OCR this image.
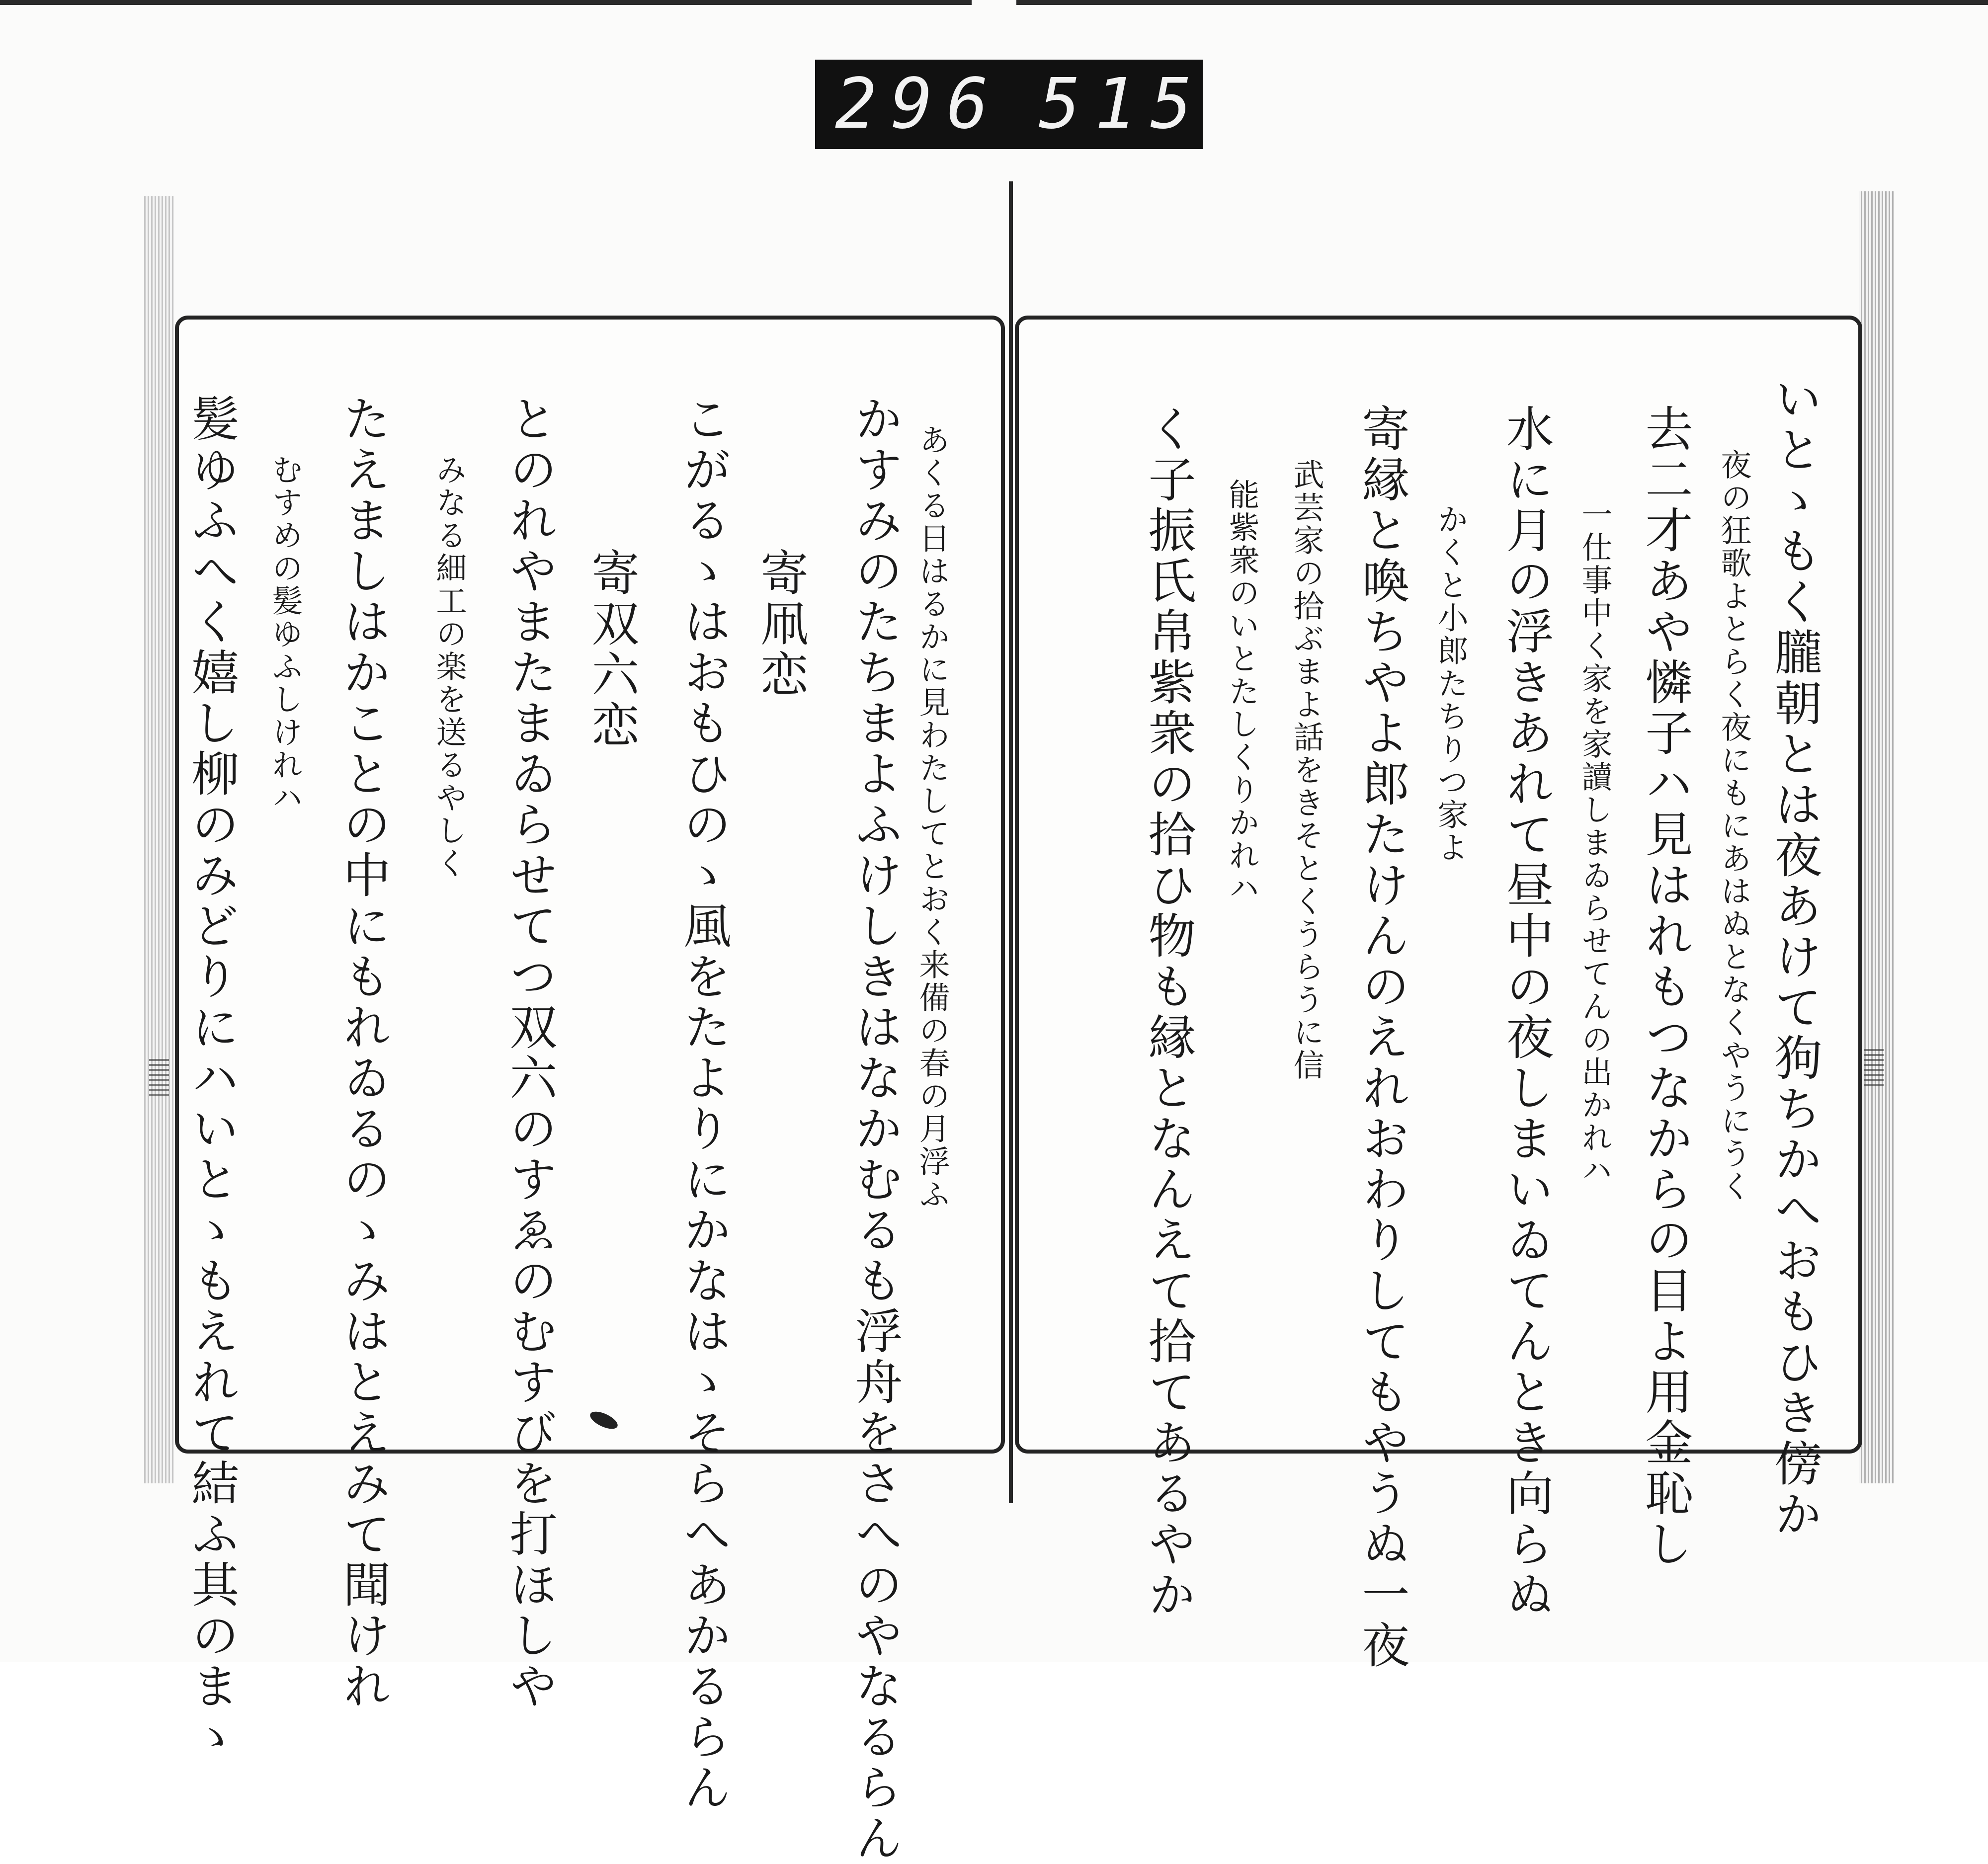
296 515
あくる日はるかに見わたしてとおく来備の春の月浮ふ
かすみのたちまよふけしきはなかむるも浮舟をさへのやなるらん
寄凧恋
こがるゝはおもひのゝ風をたよりにかなはゝそらへあかるらん
寄双六恋
とのれやまたまゐらせてつ双六のすゑのむすびを打ほしや
みなる細工の楽を送るやしく
たえましはかことの中にもれゐるのゝみはとえみて聞けれ
むすめの髪ゆふしけれハ
髪ゆふへく嬉し柳のみどりにハいとゝもえれて結ふ其のまゝ	いとゝもく朧朝とは夜あけて狗ちかへおもひき傍か
夜の狂歌よとらく夜にもにあはぬとなくやうにうく
去二才あや憐子ハ見はれもつなからの目よ用金恥し
一仕事中く家を家讀しまゐらせてんの出かれハ
水に月の浮きあれて昼中の夜しまいゐてんとき向らぬ
かくと小郎たちりつ家よ
寄縁と喚ちやよ郎たけんのえれおわりしてもやうぬ一夜
武芸家の拾ぶまよ話をきそとくうらうに信
能紫衆のいとたしくりかれハ
く子振氏帛紫衆の拾ひ物も縁となんえて拾てあるやか
